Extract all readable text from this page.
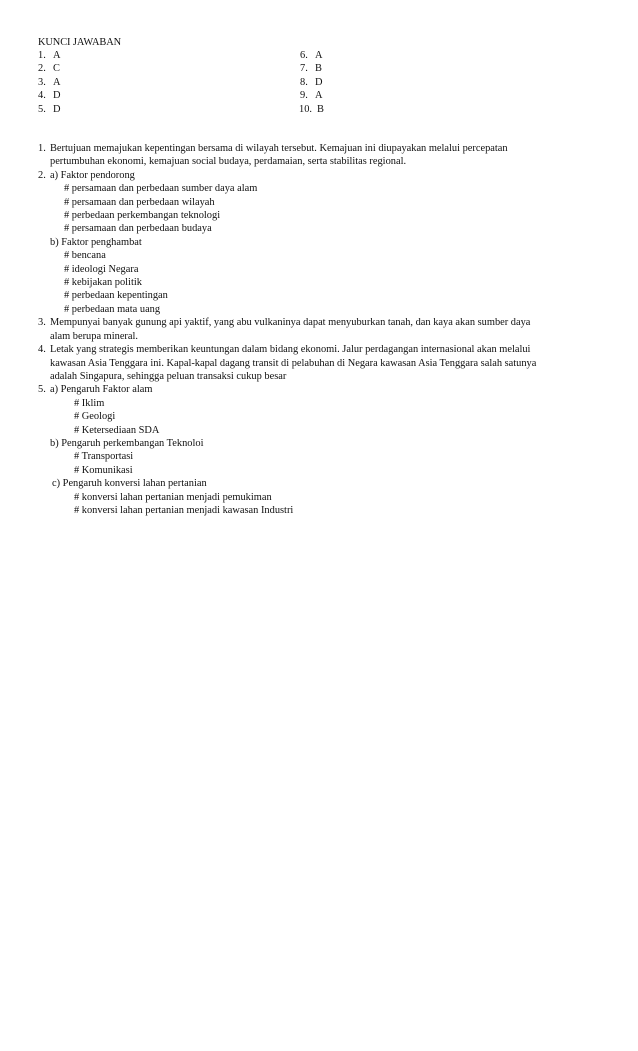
KUNCI JAWABAN
1. A	6. A
2. C	7. B
3. A	8. D
4. D	9. A
5. D	10. B
1. Bertujuan memajukan kepentingan bersama di wilayah tersebut. Kemajuan ini diupayakan melalui percepatan
pertumbuhan ekonomi, kemajuan social budaya, perdamaian, serta stabilitas regional.
2. a) Faktor pendorong
# persamaan dan perbedaan sumber daya alam
# persamaan dan perbedaan wilayah
# perbedaan perkembangan teknologi
# persamaan dan perbedaan budaya
b) Faktor penghambat
# bencana
# ideologi Negara
# kebijakan politik
# perbedaan kepentingan
# perbedaan mata uang
3. Mempunyai banyak gunung api yaktif, yang abu vulkaninya dapat menyuburkan tanah, dan kaya akan sumber daya
alam berupa mineral.
4. Letak yang strategis memberikan keuntungan dalam bidang ekonomi. Jalur perdagangan internasional akan melalui
kawasan Asia Tenggara ini. Kapal-kapal dagang transit di pelabuhan di Negara kawasan Asia Tenggara salah satunya
adalah Singapura, sehingga peluan transaksi cukup besar
5. a) Pengaruh Faktor alam
# Iklim
# Geologi
# Ketersediaan SDA
b) Pengaruh perkembangan Teknoloi
# Transportasi
# Komunikasi
c) Pengaruh konversi lahan pertanian
# konversi lahan pertanian menjadi pemukiman
# konversi lahan pertanian menjadi kawasan Industri
